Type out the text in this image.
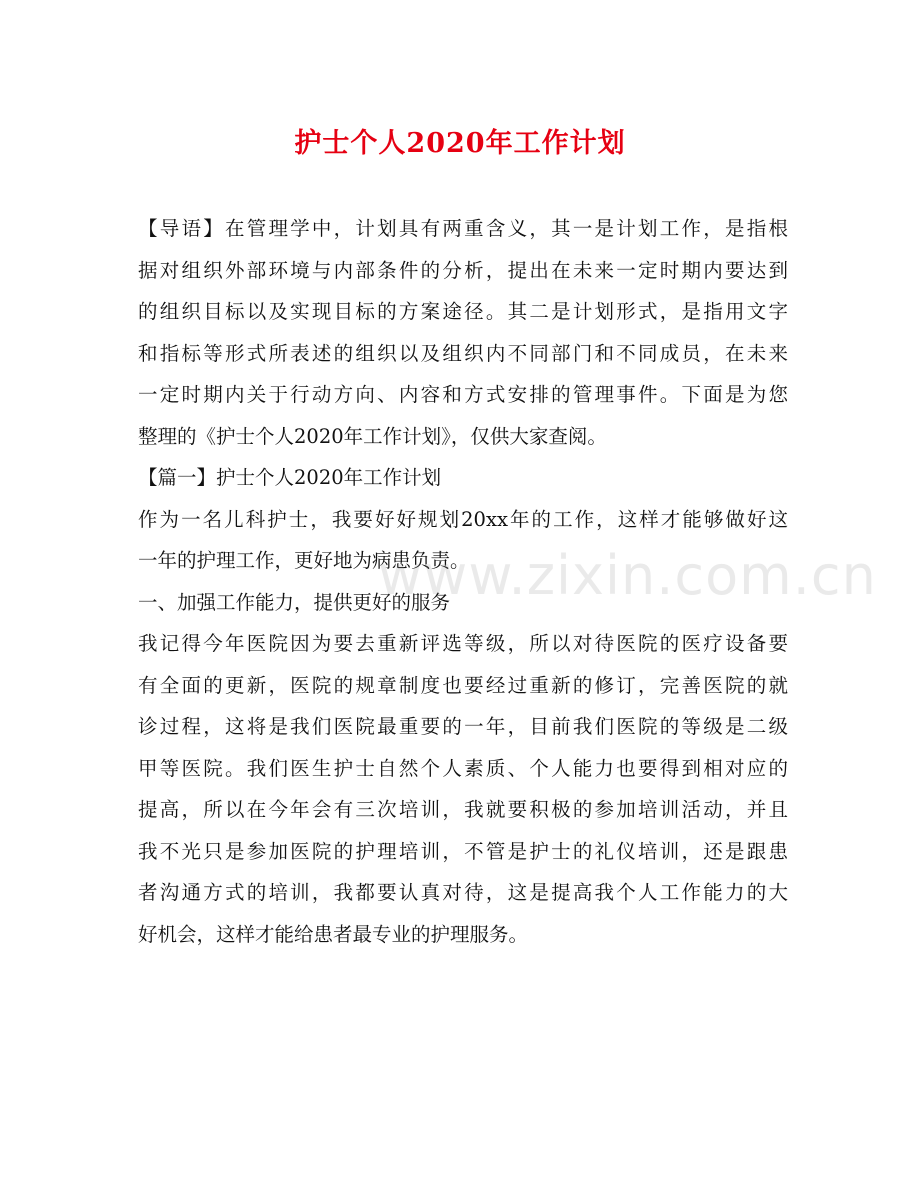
护士个人2020年工作计划
【导语】在管理学中，计划具有两重含义，其一是计划工作，是指根
据对组织外部环境与内部条件的分析，提出在未来一定时期内要达到
的组织目标以及实现目标的方案途径。其二是计划形式，是指用文字
和指标等形式所表述的组织以及组织内不同部门和不同成员，在未来
一定时期内关于行动方向、内容和方式安排的管理事件。下面是为您
整理的《护士个人2020年工作计划》，仅供大家查阅。
【篇一】护士个人2020年工作计划
作为一名儿科护士，我要好好规划20xx年的工作，这样才能够做好这
一年的护理工作，更好地为病患负责。
一、加强工作能力，提供更好的服务
我记得今年医院因为要去重新评选等级，所以对待医院的医疗设备要
有全面的更新，医院的规章制度也要经过重新的修订，完善医院的就
诊过程，这将是我们医院最重要的一年，目前我们医院的等级是二级
甲等医院。我们医生护士自然个人素质、个人能力也要得到相对应的
提高，所以在今年会有三次培训，我就要积极的参加培训活动，并且
我不光只是参加医院的护理培训，不管是护士的礼仪培训，还是跟患
者沟通方式的培训，我都要认真对待，这是提高我个人工作能力的大
好机会，这样才能给患者最专业的护理服务。
www.zixin.com.cn
